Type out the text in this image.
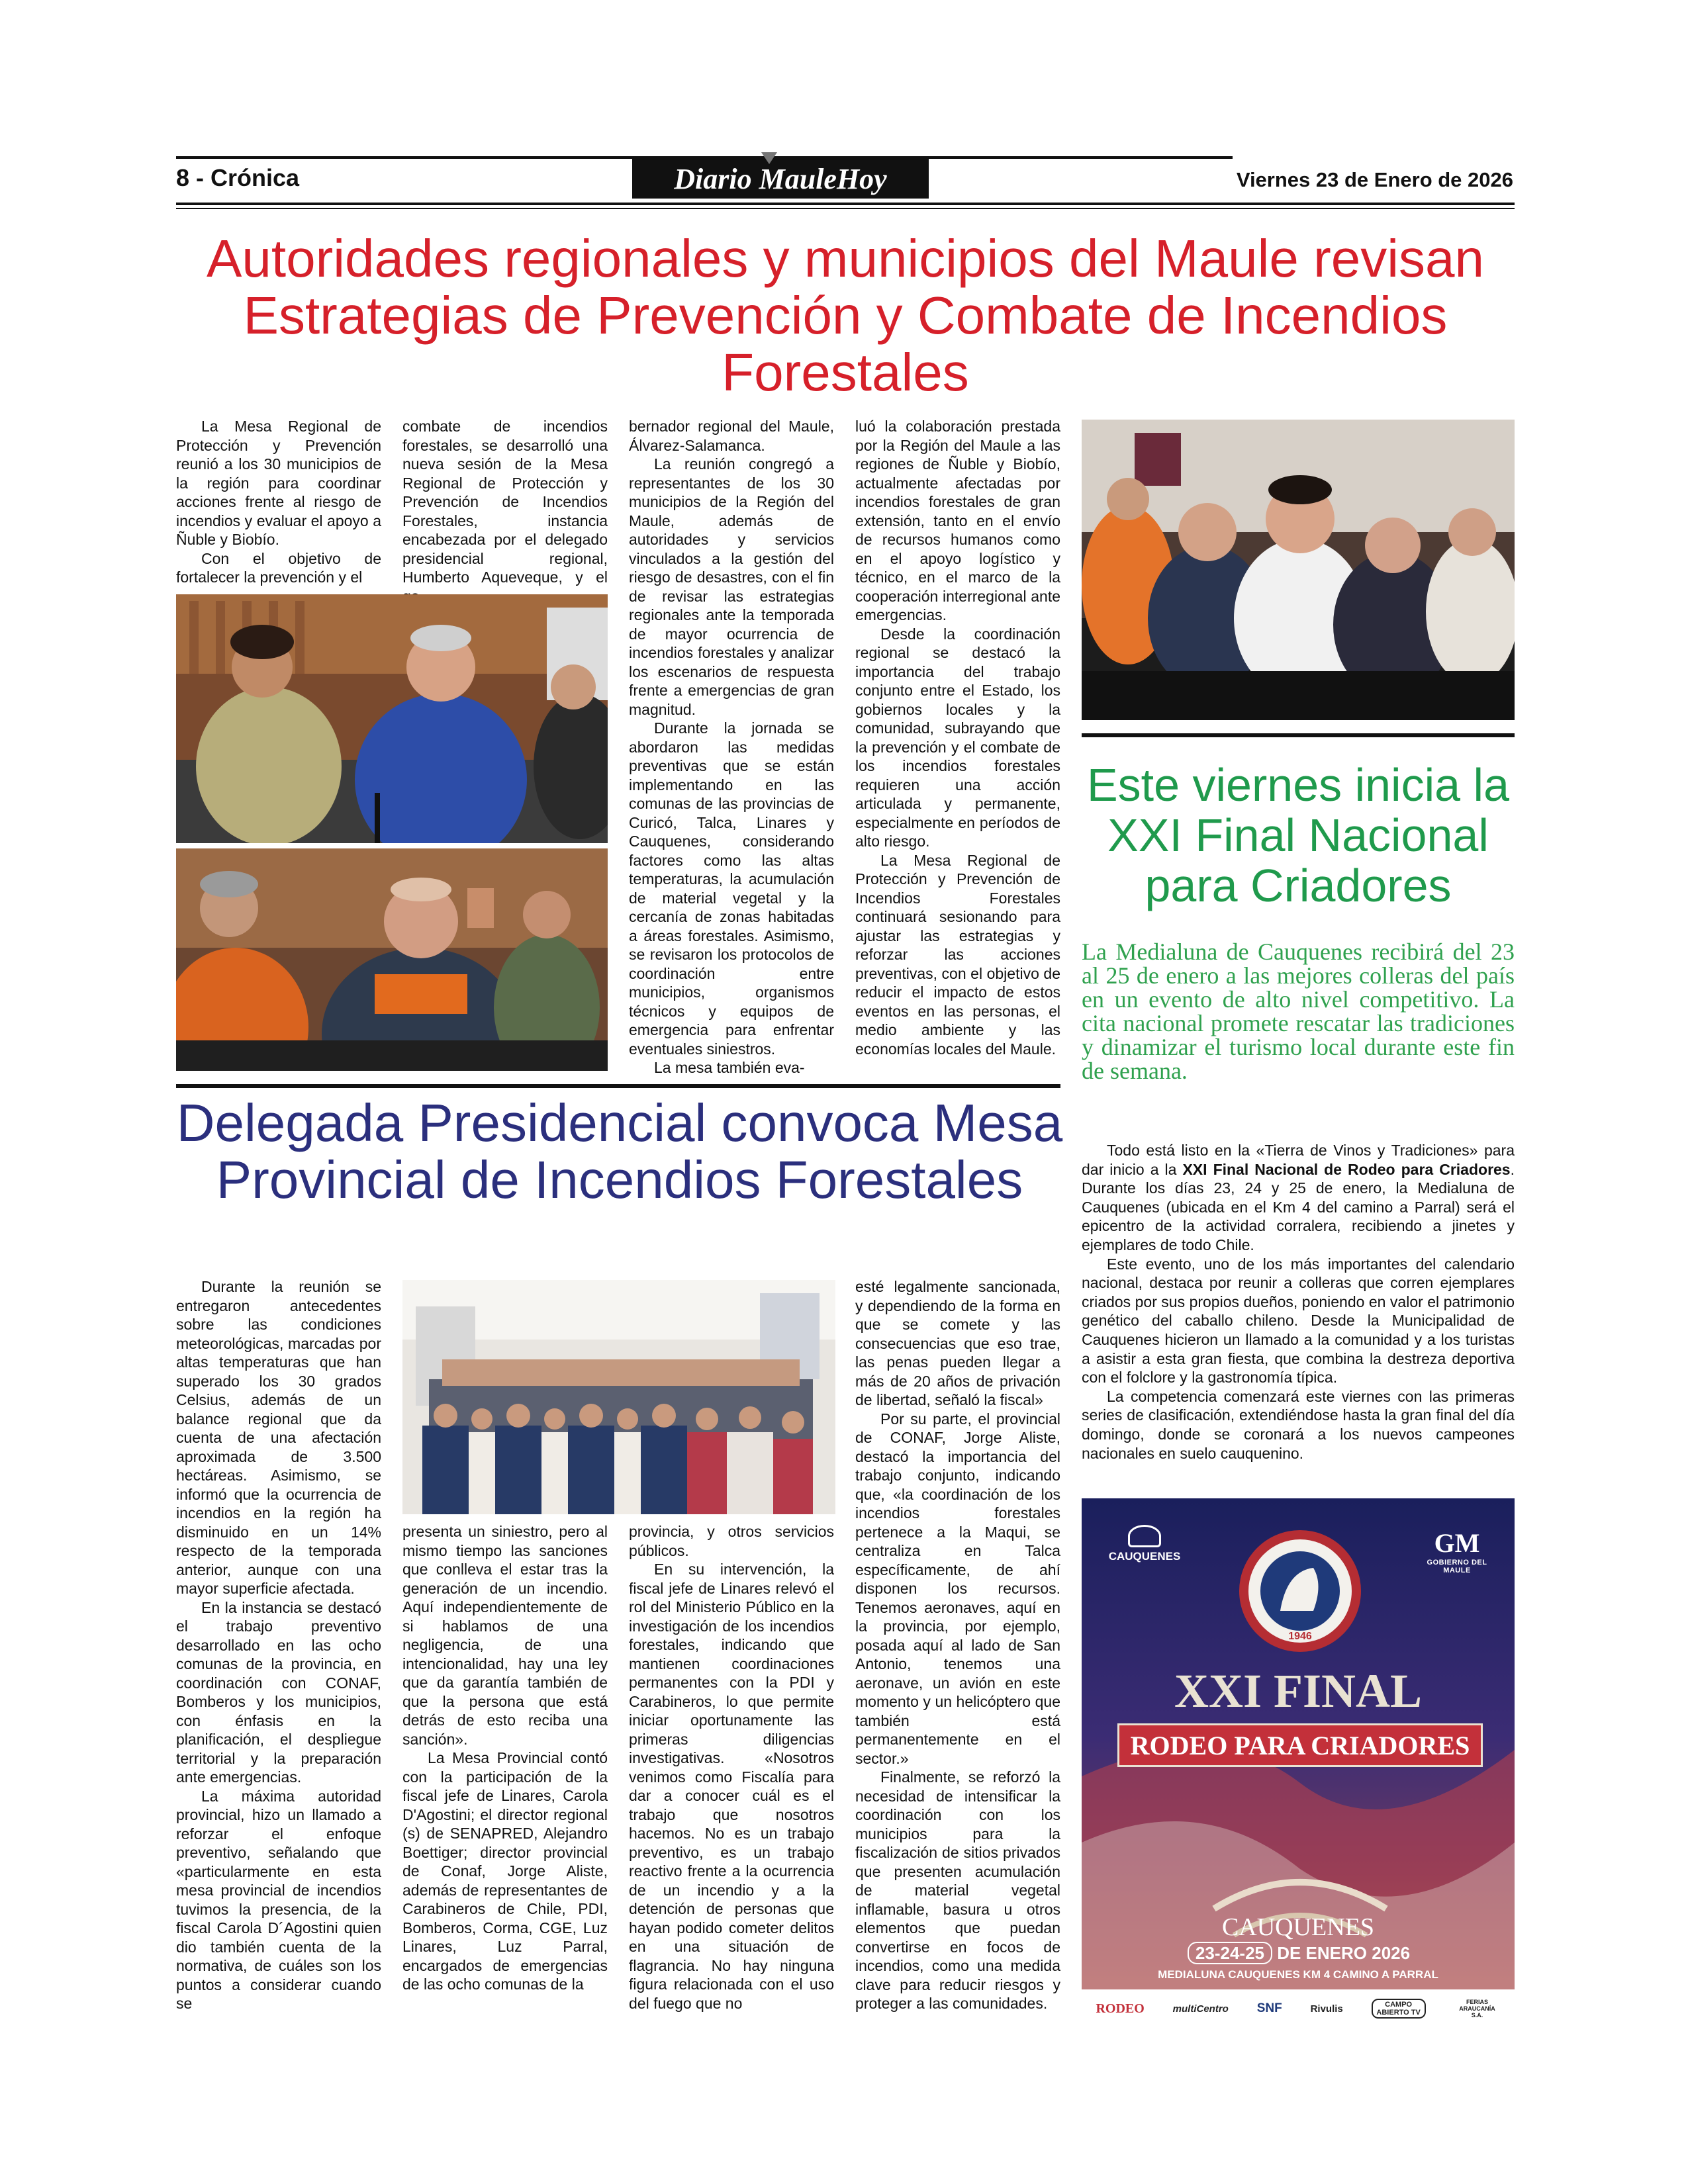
8 - Crónica	Diario MauleHoy	Viernes 23 de Enero de 2026
Autoridades regionales y municipios del Maule revisan Estrategias de Prevención y Combate de Incendios Forestales

La Mesa Regional de Protección y Prevención reunió a los 30 municipios de la región para coordinar acciones frente al riesgo de incendios y evaluar el apoyo a Ñuble y Biobío.

Con el objetivo de fortalecer la prevención y el

combate de incendios forestales, se desarrolló una nueva sesión de la Mesa Regional de Protección y Prevención de Incendios Forestales, instancia encabezada por el delegado presidencial regional, Humberto Aqueveque, y el

bernador regional del Maule, Álvarez-Salamanca.

La reunión congregó a representantes de los 30 municipios de la Región del Maule, además de autoridades y servicios vinculados a la gestión del riesgo de desastres, con el fin de revisar las estrategias regionales ante la temporada de mayor ocurrencia de incendios forestales y analizar los escenarios de respuesta frente a emergencias de gran magnitud.

Durante la jornada se abordaron las medidas preventivas que se están implementando en las comunas de las provincias de Curicó, Talca, Linares y Cauquenes, considerando factores como las altas temperaturas, la acumulación de material vegetal y la cercanía de zonas habitadas a áreas forestales. Asimismo, se revisaron los protocolos de coordinación entre municipios, organismos técnicos y equipos de emergencia para enfrentar eventuales siniestros.

La mesa también eva-

luó la colaboración prestada por la Región del Maule a las regiones de Ñuble y Biobío, actualmente afectadas por incendios forestales de gran extensión, tanto en el envío de recursos humanos como en el apoyo logístico y técnico, en el marco de la cooperación interregional ante emergencias.

Desde la coordinación regional se destacó la importancia del trabajo conjunto entre el Estado, los gobiernos locales y la comunidad, subrayando que la prevención y el combate de los incendios forestales requieren una acción articulada y permanente, especialmente en períodos de alto riesgo.

La Mesa Regional de Protección y Prevención de Incendios Forestales continuará sesionando para ajustar las estrategias y reforzar las acciones preventivas, con el objetivo de reducir el impacto de estos eventos en las personas, el medio ambiente y las economías locales del Maule.

Este viernes inicia la XXI Final Nacional para Criadores
La Medialuna de Cauquenes recibirá del 23 al 25 de enero a las mejores colleras del país en un evento de alto nivel competitivo. La cita nacional promete rescatar las tradiciones y dinamizar el turismo local durante este fin de semana.

Todo está listo en la «Tierra de Vinos y Tradiciones» para dar inicio a la XXI Final Nacional de Rodeo para Criadores. Durante los días 23, 24 y 25 de enero, la Medialuna de Cauquenes (ubicada en el Km 4 del camino a Parral) será el epicentro de la actividad corralera, recibiendo a jinetes y ejemplares de todo Chile.

Este evento, uno de los más importantes del calendario nacional, destaca por reunir a colleras que corren ejemplares criados por sus propios dueños, poniendo en valor el patrimonio genético del caballo chileno. Desde la Municipalidad de Cauquenes hicieron un llamado a la comunidad y a los turistas a asistir a esta gran fiesta, que combina la destreza deportiva con el folclore y la gastronomía típica.

La competencia comenzará este viernes con las primeras series de clasificación, extendiéndose hasta la gran final del día domingo, donde se coronará a los nuevos campeones nacionales en suelo cauquenino.

CAUQUENES	GM
GOBIERNO DEL MAULE
1946
XXI FINAL
RODEO PARA CRIADORES
CAUQUENES
23-24-25 DE ENERO 2026
MEDIALUNA CAUQUENES KM 4 CAMINO A PARRAL
RODEO	multiCentro SNF	Rivulis	CAMPO ABIERTO TV
FERIAS ARAUCANÍA S.A.
Delegada Presidencial convoca Mesa Provincial de Incendios Forestales

Durante la reunión se entregaron antecedentes sobre las condiciones meteorológicas, marcadas por altas temperaturas que han superado los 30 grados Celsius, además de un balance regional que da cuenta de una afectación aproximada de 3.500 hectáreas. Asimismo, se informó que la ocurrencia de incendios en la región ha disminuido en un 14% respecto de la temporada anterior, aunque con una mayor superficie afectada.

En la instancia se destacó el trabajo preventivo desarrollado en las ocho comunas de la provincia, en coordinación con CONAF, Bomberos y los municipios, con énfasis en la planificación, el despliegue territorial y la preparación ante emergencias.

La máxima autoridad provincial, hizo un llamado a reforzar el enfoque preventivo, señalando que «particularmente en esta mesa provincial de incendios tuvimos la presencia, de la fiscal Carola D´Agostini quien dio también cuenta de la normativa, de cuáles son los puntos a considerar cuando se

presenta un siniestro, pero al mismo tiempo las sanciones que conlleva el estar tras la generación de un incendio. Aquí independientemente de si hablamos de una negligencia, de una intencionalidad, hay una ley que da garantía también de que la persona que está detrás de esto reciba una sanción».

La Mesa Provincial contó con la participación de la fiscal jefe de Linares, Carola D'Agostini; el director regional (s) de SENAPRED, Alejandro Boettiger; director provincial de Conaf, Jorge Aliste, además de representantes de Carabineros de Chile, PDI, Bomberos, Corma, CGE, Luz Linares, Luz Parral, encargados de emergencias de las ocho comunas de la

provincia, y otros servicios públicos.

En su intervención, la fiscal jefe de Linares relevó el rol del Ministerio Público en la investigación de los incendios forestales, indicando que mantienen coordinaciones permanentes con la PDI y Carabineros, lo que permite iniciar oportunamente las primeras diligencias investigativas. «Nosotros venimos como Fiscalía para dar a conocer cuál es el trabajo que nosotros hacemos. No es un trabajo preventivo, es un trabajo reactivo frente a la ocurrencia de un incendio y a la detención de personas que hayan podido cometer delitos en una situación de flagrancia. No hay ninguna figura relacionada con el uso del fuego que no

esté legalmente sancionada, y dependiendo de la forma en que se comete y las consecuencias que eso trae, las penas pueden llegar a más de 20 años de privación de libertad, señaló la fiscal»

Por su parte, el provincial de CONAF, Jorge Aliste, destacó la importancia del trabajo conjunto, indicando que, «la coordinación de los incendios forestales pertenece a la Maqui, se centraliza en Talca específicamente, de ahí disponen los recursos. Tenemos aeronaves, aquí en la provincia, por ejemplo, posada aquí al lado de San Antonio, tenemos una aeronave, un avión en este momento y un helicóptero que también está permanentemente en el sector.»

Finalmente, se reforzó la necesidad de intensificar la coordinación con los municipios para la fiscalización de sitios privados que presenten acumulación de material vegetal inflamable, basura u otros elementos que puedan convertirse en focos de incendios, como una medida clave para reducir riesgos y proteger a las comunidades.
